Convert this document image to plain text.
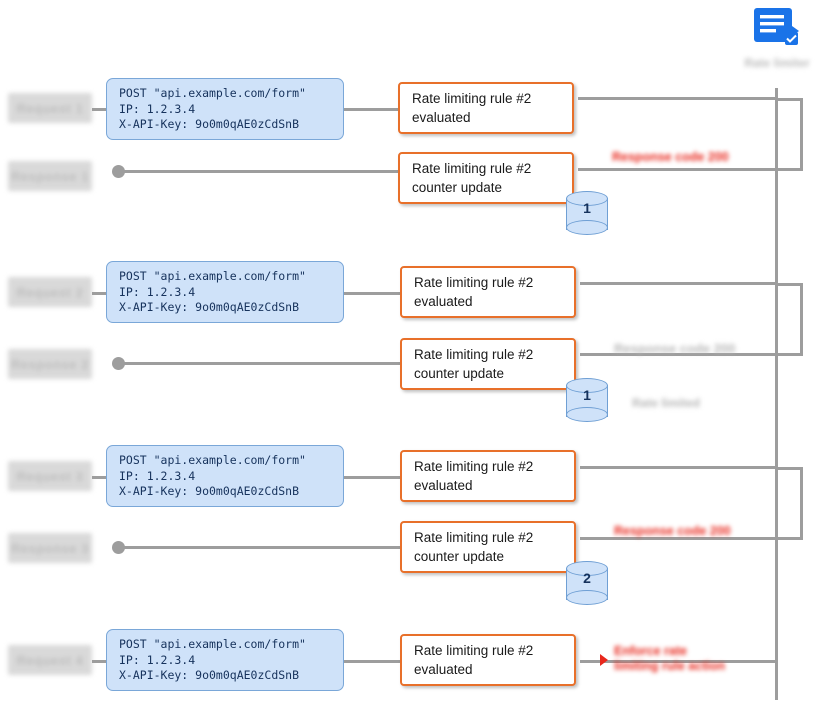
Rate limiter
Request 1
POST "api.example.com/form"
IP: 1.2.3.4
X-API-Key: 9o0m0qAE0zCdSnB
Rate limiting rule #2
evaluated
Response 1	Rate limiting rule #2
counter update
1
Response code 200
Request 2
POST "api.example.com/form"
IP: 1.2.3.4
X-API-Key: 9o0m0qAE0zCdSnB
Rate limiting rule #2
evaluated
Response 2
Rate limiting rule #2
counter update
1
Response code 200
Rate limited
Request 3
POST "api.example.com/form"
IP: 1.2.3.4
X-API-Key: 9o0m0qAE0zCdSnB
Rate limiting rule #2
evaluated
Response 3
Rate limiting rule #2
counter update
2
Response code 200
Request 4
POST "api.example.com/form"
IP: 1.2.3.4
X-API-Key: 9o0m0qAE0zCdSnB
Rate limiting rule #2
evaluated
Enforce rate
limiting rule action
